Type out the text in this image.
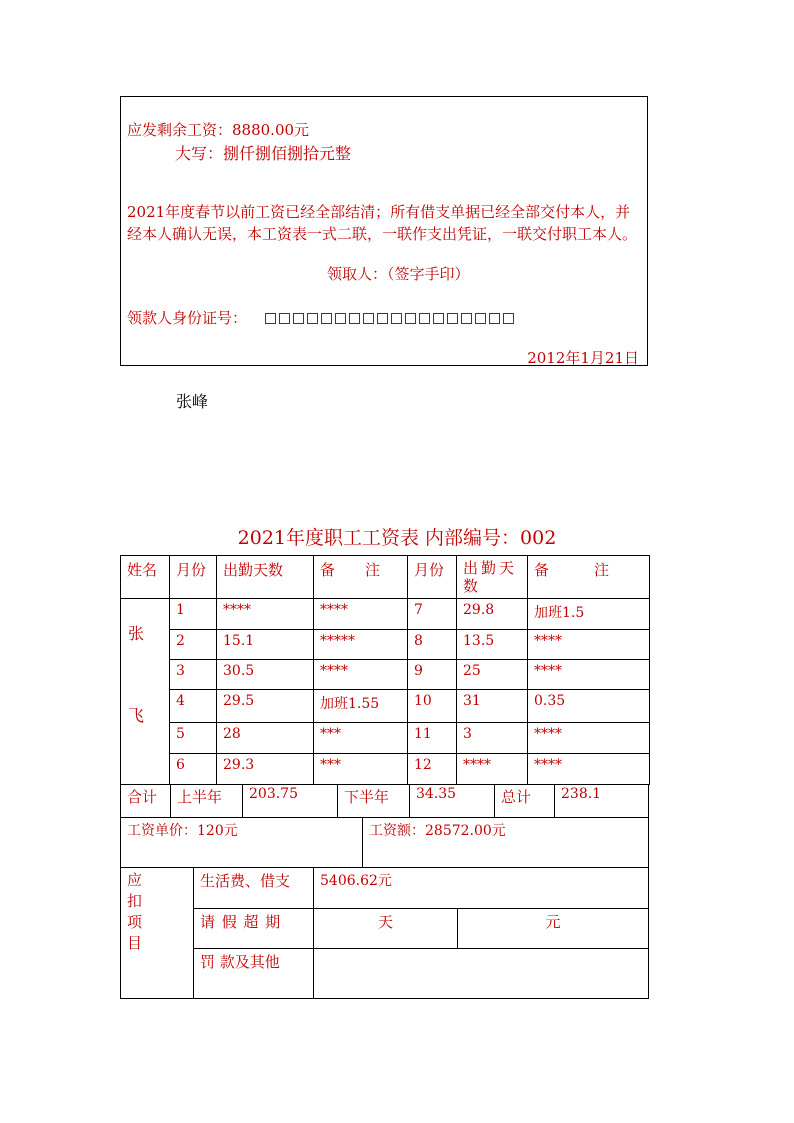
应发剩余工资：8880.00元
大写：捌仟捌佰捌拾元整
2021年度春节以前工资已经全部结清；所有借支单据已经全部交付本人，并经本人确认无误，本工资表一式二联，一联作支出凭证，一联交付职工本人。
领取人：（签字手印）
领款人身份证号：
2012年1月21日
张峰
2021年度职工工资表 内部编号：002
姓名	月份	出勤天数	备　　注	月份	出勤天数	备　　　注

张
飞	1	****	****	7	29.8	加班1.5
	2	15.1	*****	8	13.5	****
	3	30.5	****	9	25	****
	4	29.5	加班1.55	10	31	0.35
	5	28	***	11	3	****
	6	29.3	***	12	****	****
合计	上半年	203.75	下半年	34.35	总计	238.1
工资单价：120元	工资额：28572.00元
应
扣
项
目
生活费、借支	5406.62元
请 假 超 期	天	元
罚 款及其他
